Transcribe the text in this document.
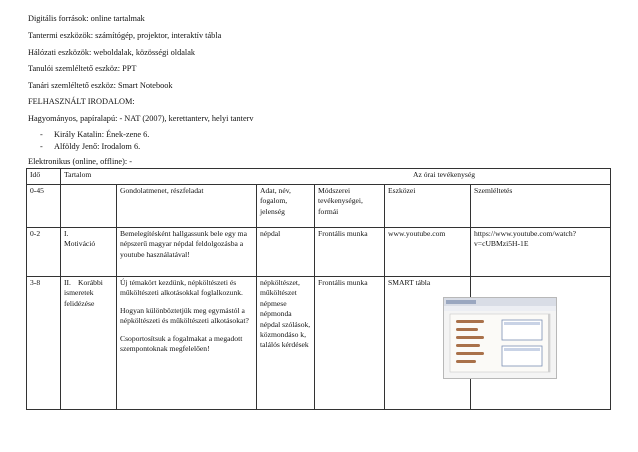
Digitális források: online tartalmak
Tantermi eszközök: számítógép, projektor, interaktív tábla
Hálózati eszközök: weboldalak, közösségi oldalak
Tanulói szemléltető eszköz: PPT
Tanári szemléltető eszköz: Smart Notebook
FELHASZNÁLT IRODALOM:
Hagyományos, papíralapú: - NAT (2007), kerettanterv, helyi tanterv
- Király Katalin: Ének-zene 6.
- Alföldy Jenő: Irodalom 6.
Elektronikus (online, offline): -
Idő	Tartalom Az órai tevékenység					

0-45		Gondolatmenet, részfeladat	Adat, név, fogalom, jelenség	Módszerei tevékenységei, formái	Eszközei	Szemléltetés
0-2	I.Motiváció	Bemelegítésként hallgassunk bele egy ma népszerű magyar népdal feldolgozásba a youtube használatával!	népdal	Frontális munka	www.youtube.com	https://www.youtube.com/watch?v=cUBMzi5H-1E
3-8	II. Korábbi ismeretek felidézése	Új témakört kezdünk, népköltészeti és műköltészeti alkotásokkal foglalkozunk.

Hogyan különböztetjük meg egymástól a népköltészeti és műköltészeti alkotásokat?

Csoportosítsuk a fogalmakat a megadott szempontoknak megfelelően!	népköltészet, műköltészet népmese népmonda népdal szólások, közmondáso k, találós kérdések	Frontális munka	SMART tábla	
